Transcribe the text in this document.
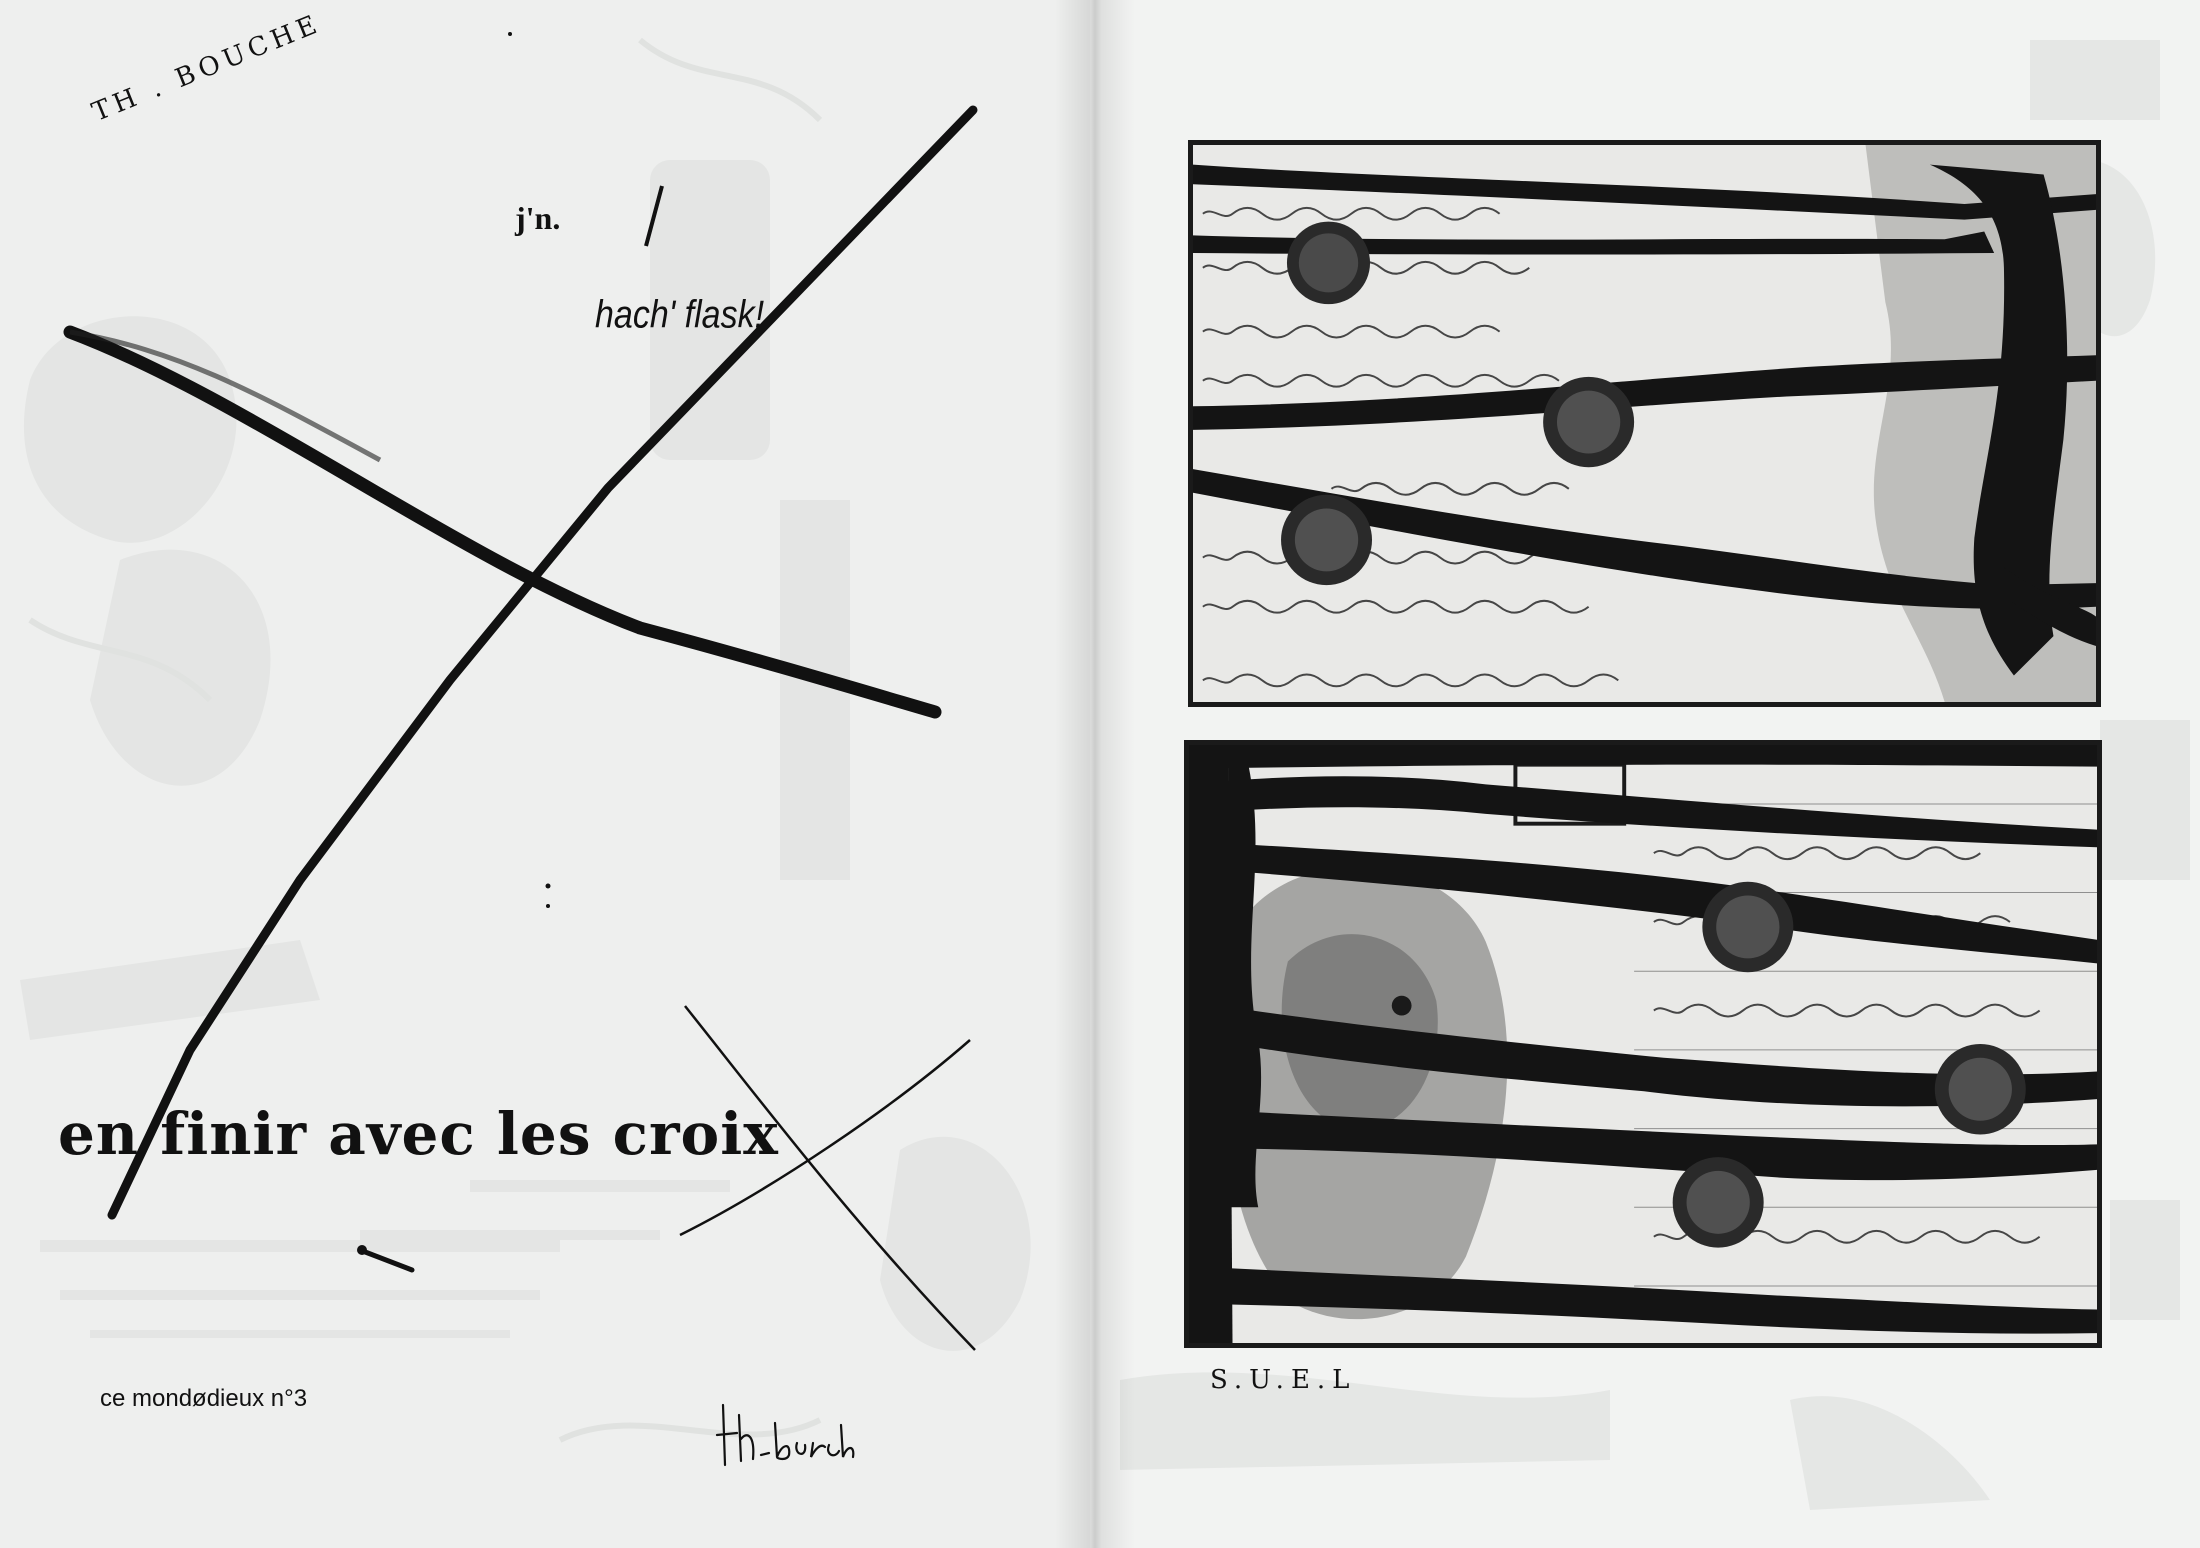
TH . BOUCHE
j'n.
hach' flask!
en finir avec les croix
ce mondødieux n°3
S.U.E.L
